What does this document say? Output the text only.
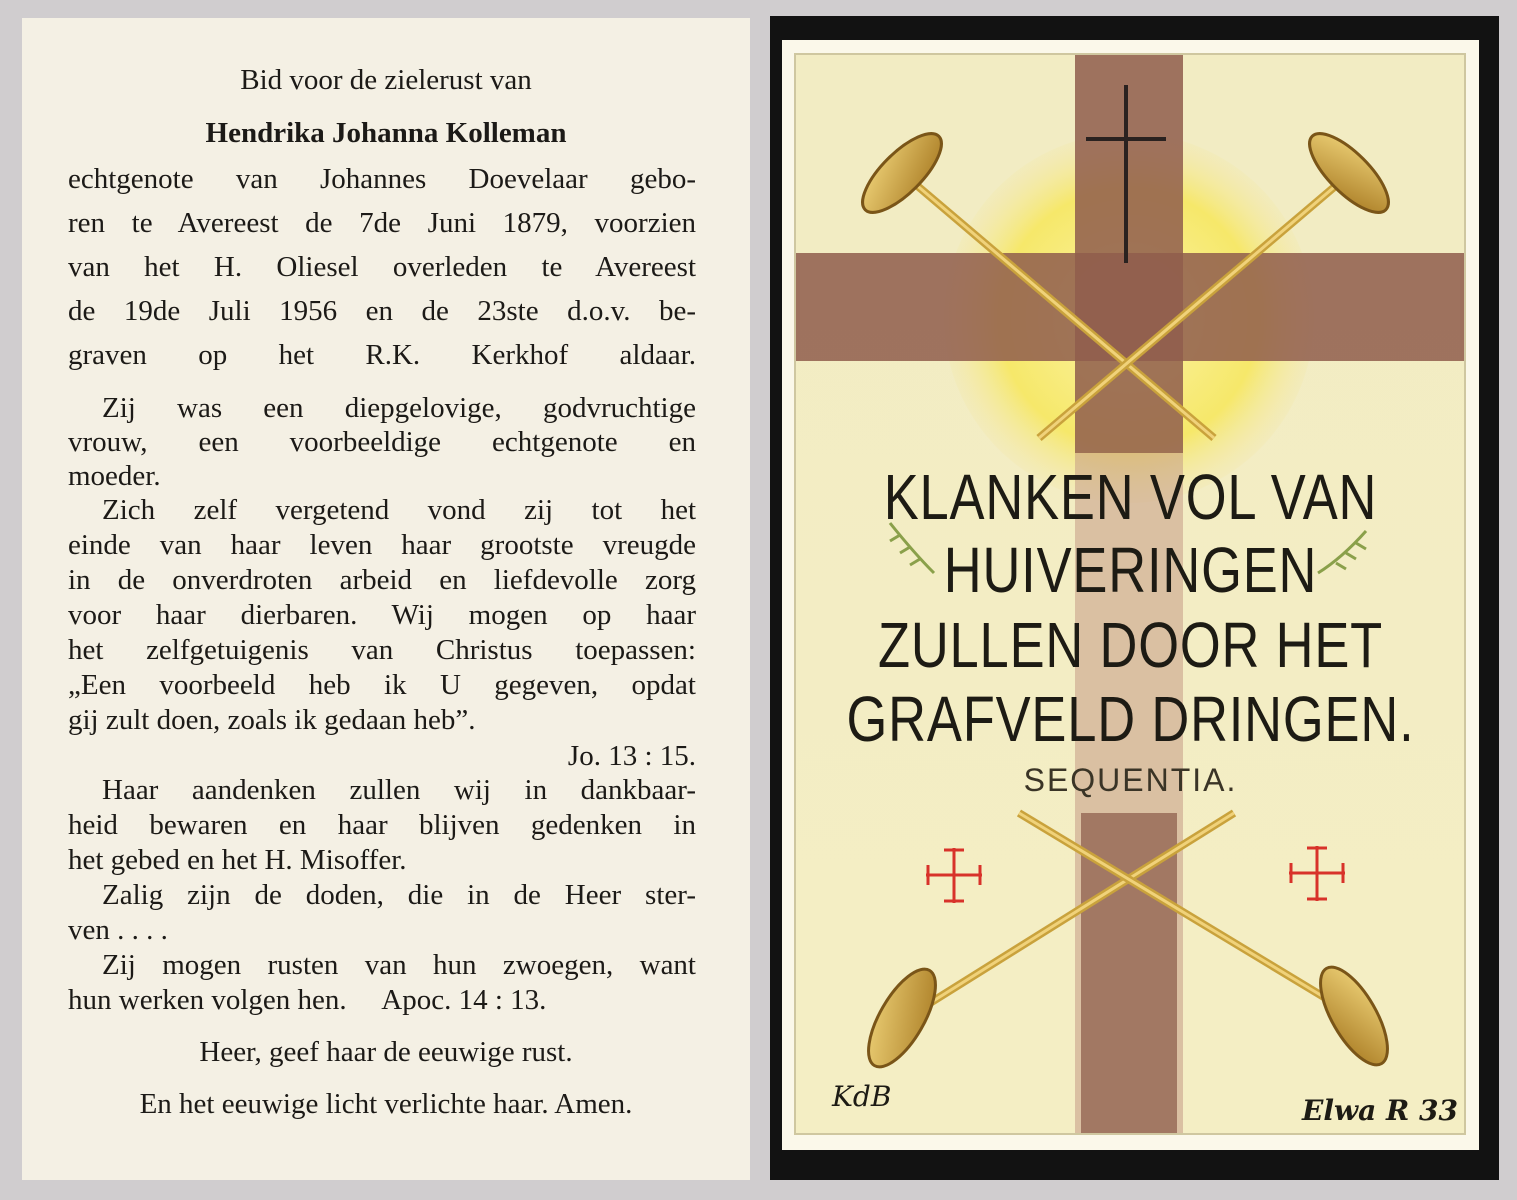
Bid voor de zielerust van
Hendrika Johanna Kolleman
echtgenote van Johannes Doevelaar gebo-
ren te Avereest de 7de Juni 1879, voorzien
van het H. Oliesel overleden te Avereest
de 19de Juli 1956 en de 23ste d.o.v. be-
graven op het R.K. Kerkhof aldaar.
Zij was een diepgelovige, godvruchtige
vrouw, een voorbeeldige echtgenote en
moeder.
Zich zelf vergetend vond zij tot het
einde van haar leven haar grootste vreugde
in de onverdroten arbeid en liefdevolle zorg
voor haar dierbaren. Wij mogen op haar
het zelfgetuigenis van Christus toepassen:
„Een voorbeeld heb ik U gegeven, opdat
gij zult doen, zoals ik gedaan heb”.
Jo. 13 : 15.
Haar aandenken zullen wij in dankbaar-
heid bewaren en haar blijven gedenken in
het gebed en het H. Misoffer.
Zalig zijn de doden, die in de Heer ster-
ven . . . .
Zij mogen rusten van hun zwoegen, want
hun werken volgen hen.     Apoc. 14 : 13.
Heer, geef haar de eeuwige rust.
En het eeuwige licht verlichte haar. Amen.
KLANKEN VOL VAN
HUIVERINGEN
ZULLEN DOOR HET
GRAFVELD DRINGEN.
SEQUENTIA.
KdB	Elwa R 33
